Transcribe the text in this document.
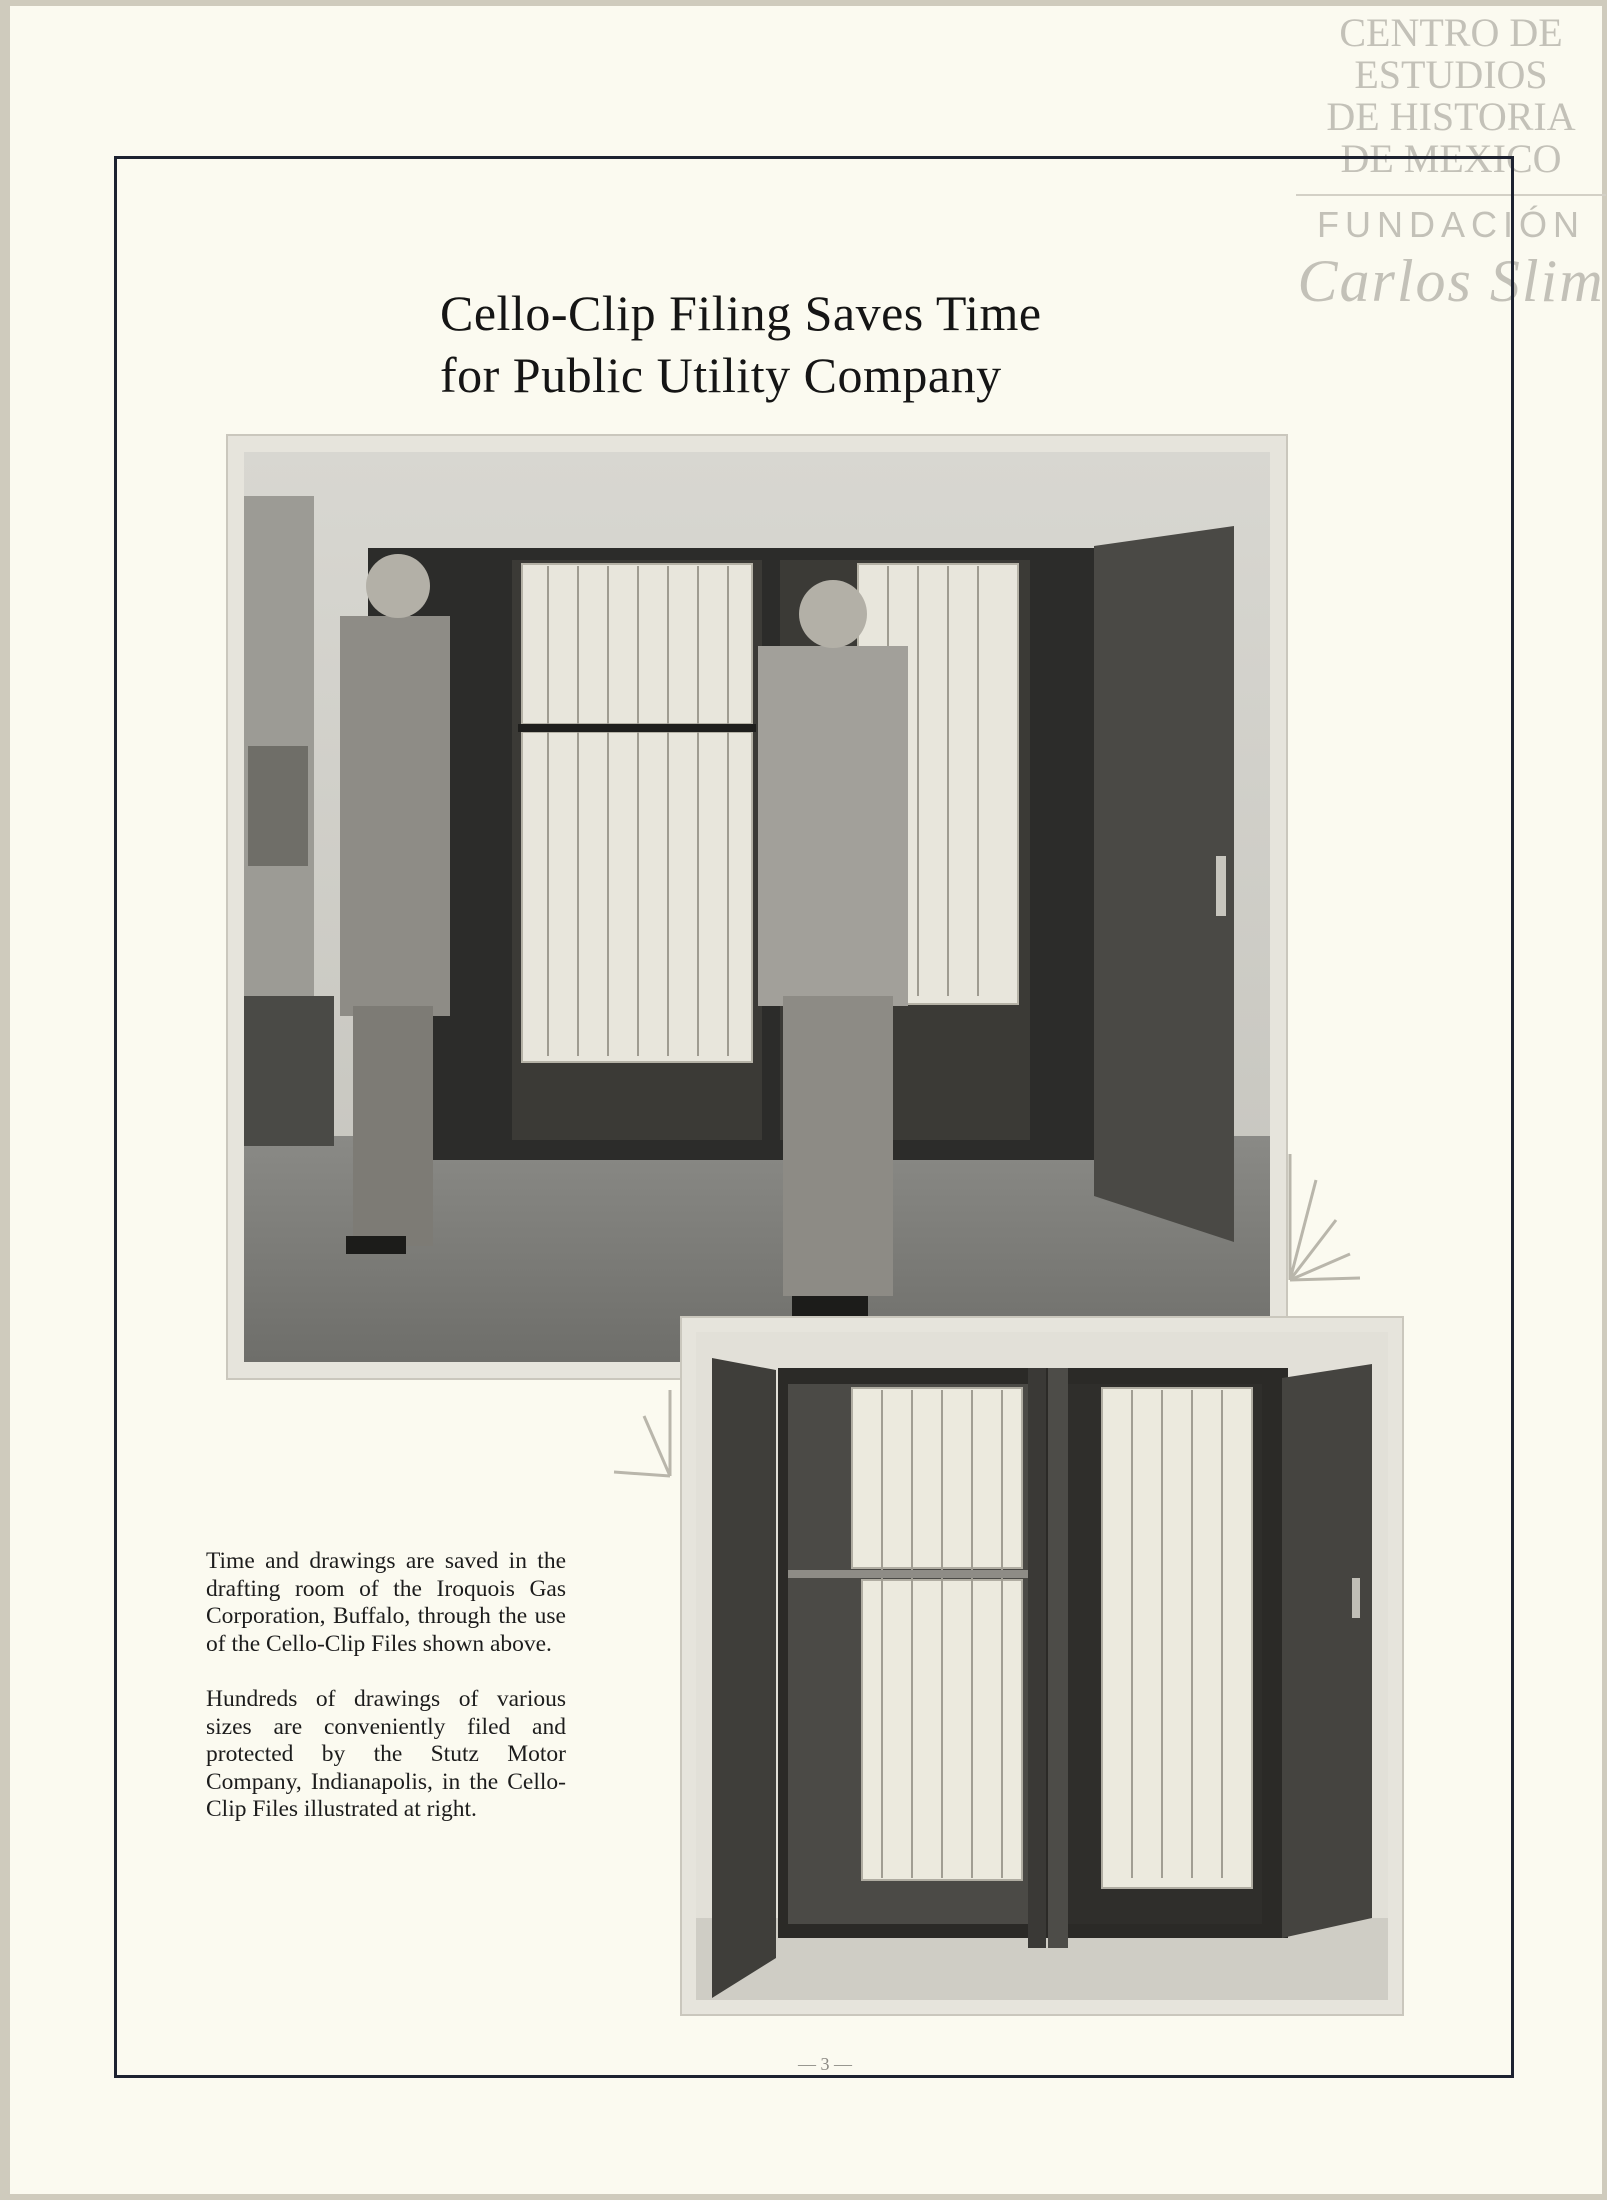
CENTRO DE
ESTUDIOS
DE HISTORIA
DE MEXICO
FUNDACIÓN
Carlos Slim
Cello-Clip Filing Saves Time
for Public Utility Company

Time and drawings are saved in the drafting room of the Iroquois Gas Corporation, Buffalo, through the use of the Cello-Clip Files shown above.

Hundreds of drawings of various sizes are conveniently filed and protected by the Stutz Motor Company, Indianapolis, in the Cello-Clip Files illustrated at right.

— 3 —
